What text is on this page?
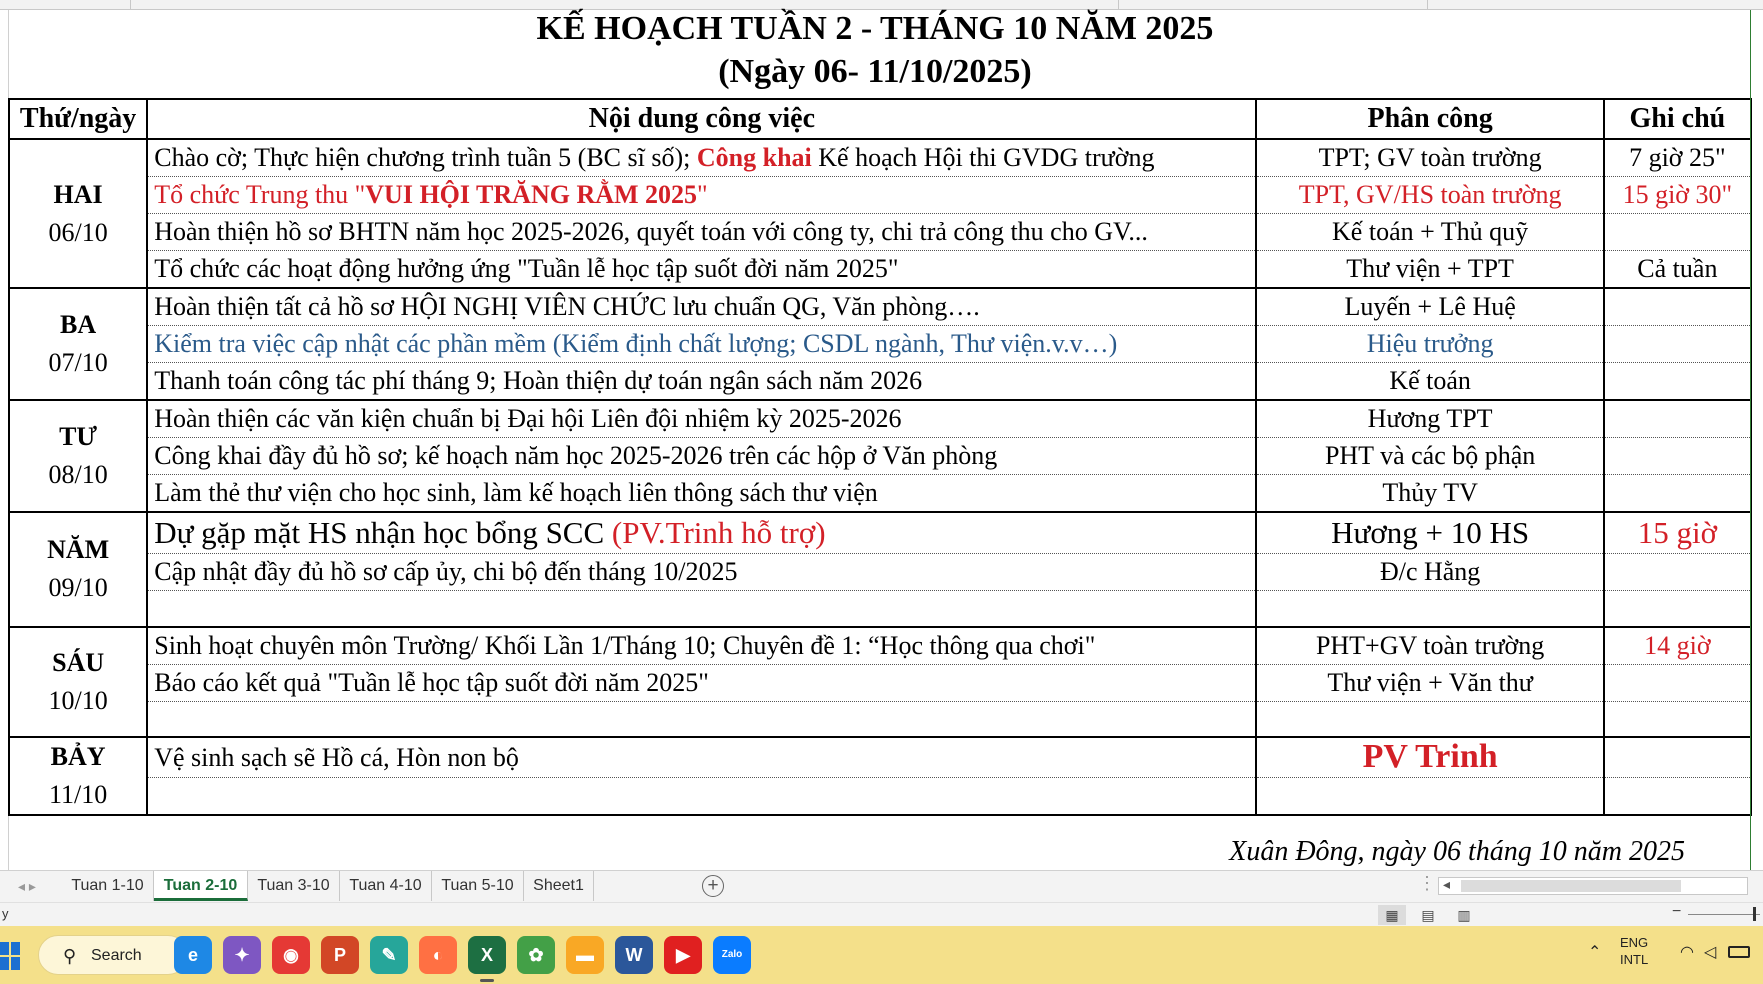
KẾ HOẠCH TUẦN 2 - THÁNG 10 NĂM 2025
(Ngày 06- 11/10/2025)
Thứ/ngày	Nội dung công việc	Phân công	Ghi chú

HAI
06/10	Chào cờ; Thực hiện chương trình tuần 5 (BC sĩ số); Công khai Kế hoạch Hội thi GVDG trường	TPT; GV toàn trường	7 giờ 25"
	Tổ chức Trung thu "VUI HỘI TRĂNG RẰM 2025"	TPT, GV/HS toàn trường	15 giờ 30"
	Hoàn thiện hồ sơ BHTN năm học 2025-2026, quyết toán với công ty, chi trả công thu cho GV...	Kế toán + Thủ quỹ	
	Tổ chức các hoạt động hưởng ứng "Tuần lễ học tập suốt đời năm 2025"	Thư viện + TPT	Cả tuần

BA
07/10	Hoàn thiện tất cả hồ sơ HỘI NGHỊ VIÊN CHỨC lưu chuẩn QG, Văn phòng….	Luyến + Lê Huệ	
	Kiểm tra việc cập nhật các phần mềm (Kiểm định chất lượng; CSDL ngành, Thư viện.v.v…)	Hiệu trưởng	
	Thanh toán công tác phí tháng 9; Hoàn thiện dự toán ngân sách năm 2026	Kế toán	

TƯ
08/10	Hoàn thiện các văn kiện chuẩn bị Đại hội Liên đội nhiệm kỳ 2025-2026	Hương TPT	
	Công khai đầy đủ hồ sơ; kế hoạch năm học 2025-2026 trên các hộp ở Văn phòng	PHT và các bộ phận	
	Làm thẻ thư viện cho học sinh, làm kế hoạch liên thông sách thư viện	Thủy TV	

NĂM
09/10	Dự gặp mặt HS nhận học bổng SCC (PV.Trinh hỗ trợ)	Hương + 10 HS	15 giờ
	Cập nhật đầy đủ hồ sơ cấp ủy, chi bộ đến tháng 10/2025	Đ/c Hằng	

SÁU
10/10	Sinh hoạt chuyên môn Trường/ Khối Lần 1/Tháng 10; Chuyên đề 1: “Học thông qua chơi"	PHT+GV toàn trường	14 giờ
	Báo cáo kết quả "Tuần lễ học tập suốt đời năm 2025"	Thư viện + Văn thư	

BẢY
11/10	Vệ sinh sạch sẽ Hồ cá, Hòn non bộ	PV Trinh	

Xuân Đông, ngày 06 tháng 10 năm 2025
◂ ▸	Tuan 1-10	Tuan 2-10	Tuan 3-10	Tuan 4-10	Tuan 5-10	Sheet1	+	⋮ ◂
y	▦	▤	▥	−
⚲ Search	e	✦	◉	P	✎	◐	X	✿	▬	W	▶	Zalo	⌃
ENG
INTL ◠ ◁
